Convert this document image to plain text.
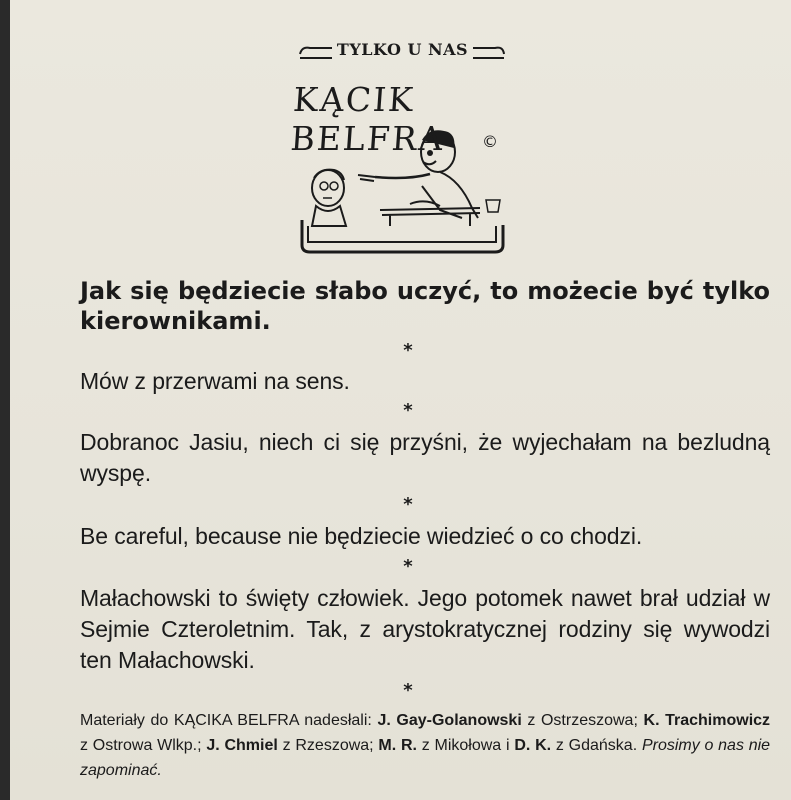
TYLKO U NAS
KĄCIK BELFRA	©
Jak się będziecie słabo uczyć, to możecie być tylko kierownikami.
*
Mów z przerwami na sens.
*
Dobranoc Jasiu, niech ci się przyśni, że wyjechałam na bezludną wyspę.
*
Be careful, because nie będziecie wiedzieć o co chodzi.
*
Małachowski to święty człowiek. Jego potomek nawet brał udział w Sejmie Czteroletnim. Tak, z arystokratycznej rodziny się wywodzi ten Małachowski.
*
Materiały do KĄCIKA BELFRA nadesłali: J. Gay-Golanowski z Ostrzeszowa; K. Trachimowicz z Ostrowa Wlkp.; J. Chmiel z Rzeszowa; M. R. z Mikołowa i D. K. z Gdańska. Prosimy o nas nie zapominać.
